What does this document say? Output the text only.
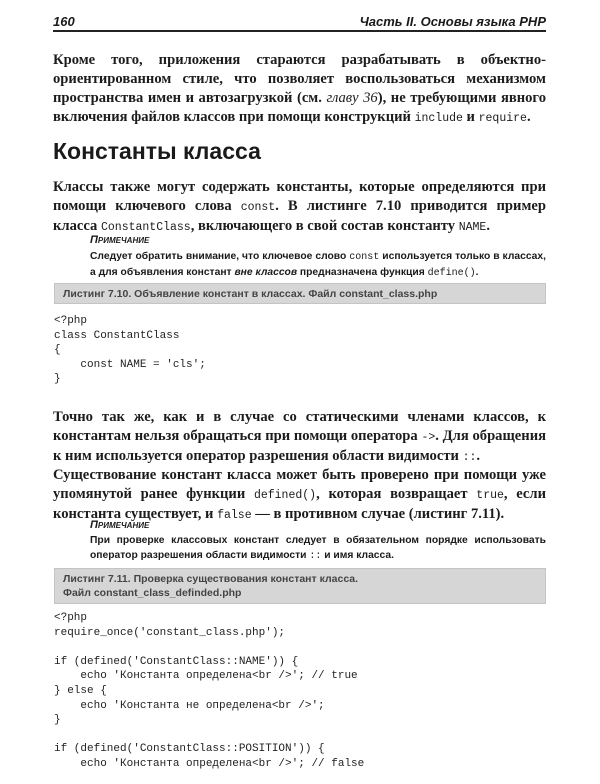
160	Часть II. Основы языка PHP

Кроме того, приложения стараются разрабатывать в объектно-ориентированном стиле, что позволяет воспользоваться механизмом пространства имен и автозагрузкой (см. главу 36), не требующими явного включения файлов классов при помощи конструкций include и require.

Константы класса

Классы также могут содержать константы, которые определяются при помощи ключевого слова const. В листинге 7.10 приводится пример класса ConstantClass, включающего в свой состав константу NAME.

Примечание

Следует обратить внимание, что ключевое слово const используется только в классах, а для объявления констант вне классов предназначена функция define().

Листинг 7.10. Объявление констант в классах. Файл constant_class.php
<?php
class ConstantClass
{
const NAME = 'cls';
}

Точно так же, как и в случае со статическими членами классов, к константам нельзя обращаться при помощи оператора ->. Для обращения к ним используется оператор разрешения области видимости ::.

Существование констант класса может быть проверено при помощи уже упомянутой ранее функции defined(), которая возвращает true, если константа существует, и false — в противном случае (листинг 7.11).

Примечание

При проверке классовых констант следует в обязательном порядке использовать оператор разрешения области видимости :: и имя класса.

Листинг 7.11. Проверка существования констант класса.
Файл constant_class_definded.php
<?php
require_once('constant_class.php');

if (defined('ConstantClass::NAME')) {
echo 'Константа определена<br />'; // true
} else {
echo 'Константа не определена<br />';
}

if (defined('ConstantClass::POSITION')) {
echo 'Константа определена<br />'; // false
